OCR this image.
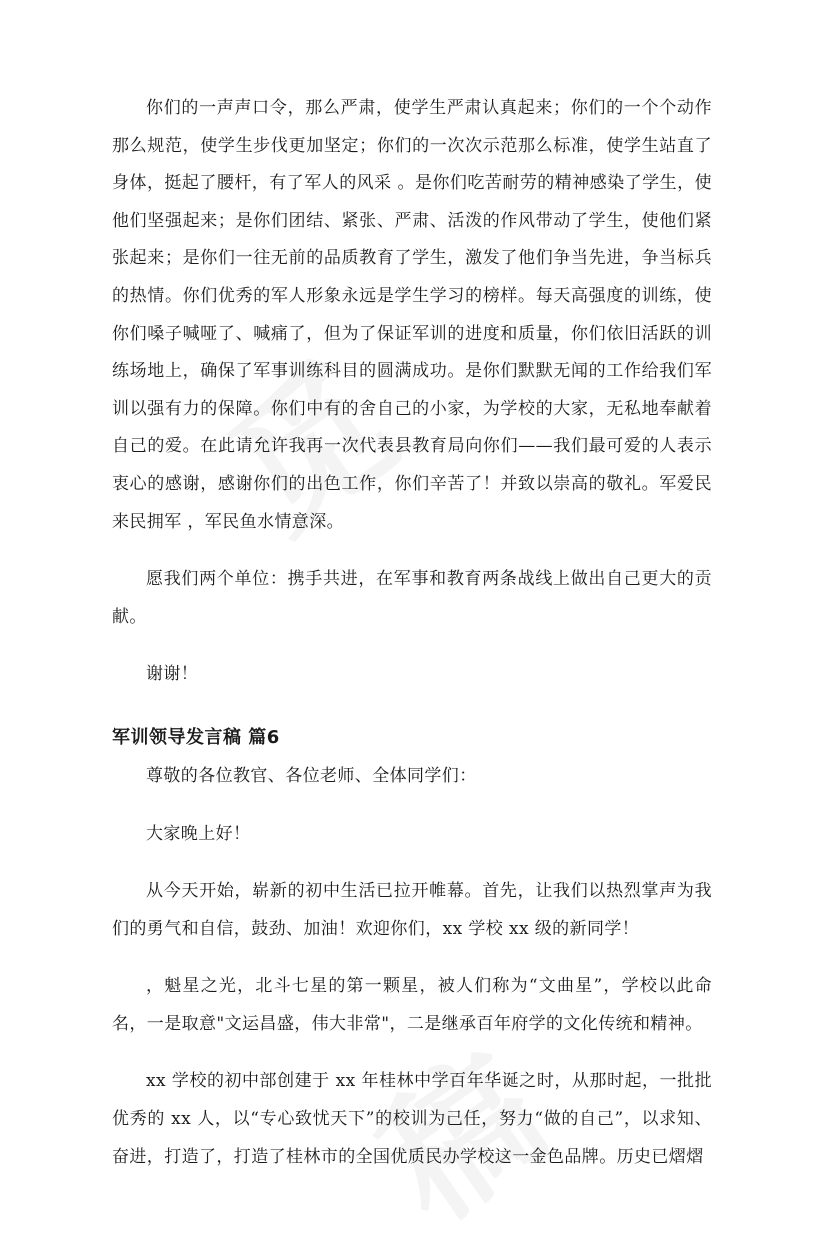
你们的一声声口令，那么严肃，使学生严肃认真起来；你们的一个个动作那么规范，使学生步伐更加坚定；你们的一次次示范那么标准，使学生站直了身体，挺起了腰杆，有了军人的风采 。是你们吃苦耐劳的精神感染了学生，使他们坚强起来；是你们团结、紧张、严肃、活泼的作风带动了学生，使他们紧张起来；是你们一往无前的品质教育了学生，激发了他们争当先进，争当标兵的热情。你们优秀的军人形象永远是学生学习的榜样。每天高强度的训练，使你们嗓子喊哑了、喊痛了，但为了保证军训的进度和质量，你们依旧活跃的训练场地上，确保了军事训练科目的圆满成功。是你们默默无闻的工作给我们军训以强有力的保障。你们中有的舍自己的小家，为学校的大家，无私地奉献着自己的爱。在此请允许我再一次代表县教育局向你们——我们最可爱的人表示衷心的感谢，感谢你们的出色工作，你们辛苦了！并致以崇高的敬礼。军爱民来民拥军 ，军民鱼水情意深。

愿我们两个单位：携手共进，在军事和教育两条战线上做出自己更大的贡献。

谢谢！

军训领导发言稿 篇6

尊敬的各位教官、各位老师、全体同学们：

大家晚上好！

从今天开始，崭新的初中生活已拉开帷幕。首先，让我们以热烈掌声为我们的勇气和自信，鼓劲、加油！欢迎你们，xx 学校 xx 级的新同学！

，魁星之光，北斗七星的第一颗星，被人们称为“文曲星”，学校以此命名，一是取意"文运昌盛，伟大非常"，二是继承百年府学的文化传统和精神。

xx 学校的初中部创建于 xx 年桂林中学百年华诞之时，从那时起，一批批优秀的 xx 人，以“专心致忧天下”的校训为己任，努力“做的自己”，以求知、奋进，打造了，打造了桂林市的全国优质民办学校这一金色品牌。历史已熠熠
